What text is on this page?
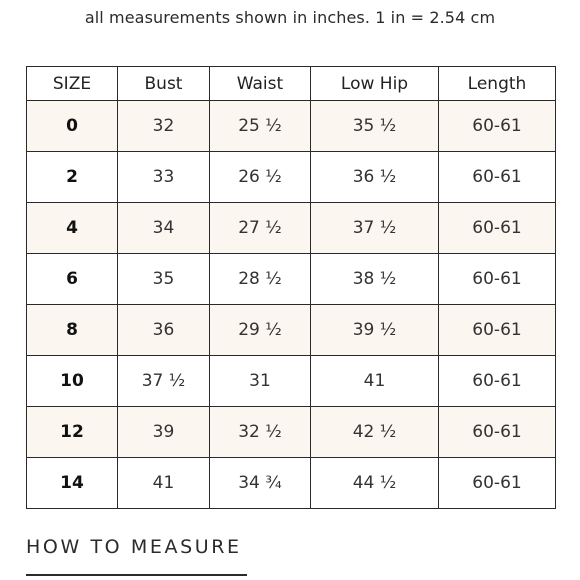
all measurements shown in inches. 1 in = 2.54 cm
SIZE	Bust	Waist	Low Hip	Length
0	32	25 ½	35 ½	60-61
2	33	26 ½	36 ½	60-61
4	34	27 ½	37 ½	60-61
6	35	28 ½	38 ½	60-61
8	36	29 ½	39 ½	60-61
10	37 ½	31	41	60-61
12	39	32 ½	42 ½	60-61
14	41	34 ¾	44 ½	60-61
HOW TO MEASURE
